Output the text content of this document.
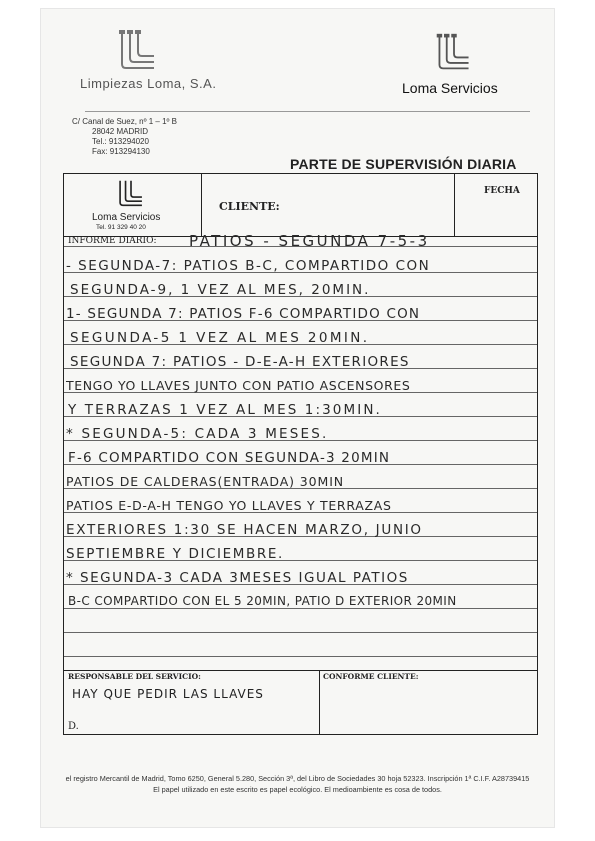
Limpiezas Loma, S.A.	Loma Servicios
C/ Canal de Suez, nº 1 – 1º B
28042 MADRID
Tel.: 913294020
Fax: 913294130
PARTE DE SUPERVISIÓN DIARIA
Loma Servicios
Tel. 91 329 40 20
CLIENTE:
FECHA
INFORME DIARIO: PATIOS - SEGUNDA 7-5-3
- SEGUNDA-7: PATIOS B-C, COMPARTIDO CON
SEGUNDA-9, 1 VEZ AL MES, 20MIN.
1- SEGUNDA 7: PATIOS F-6 COMPARTIDO CON
SEGUNDA-5 1 VEZ AL MES 20MIN.
SEGUNDA 7: PATIOS - D-E-A-H EXTERIORES
TENGO YO LLAVES JUNTO CON PATIO ASCENSORES
Y TERRAZAS 1 VEZ AL MES 1:30MIN.
* SEGUNDA-5: CADA 3 MESES.
F-6 COMPARTIDO CON SEGUNDA-3 20MIN
PATIOS DE CALDERAS(ENTRADA) 30MIN
PATIOS E-D-A-H TENGO YO LLAVES Y TERRAZAS
EXTERIORES 1:30 SE HACEN MARZO, JUNIO
SEPTIEMBRE Y DICIEMBRE.
* SEGUNDA-3 CADA 3MESES IGUAL PATIOS
B-C COMPARTIDO CON EL 5 20MIN, PATIO D EXTERIOR 20MIN
RESPONSABLE DEL SERVICIO:
HAY QUE PEDIR LAS LLAVES
D.
CONFORME CLIENTE:
el registro Mercantil de Madrid, Tomo 6250, General 5.280, Sección 3ª, del Libro de Sociedades 30 hoja 52323. Inscripción 1ª C.I.F. A28739415
El papel utilizado en este escrito es papel ecológico. El medioambiente es cosa de todos.
